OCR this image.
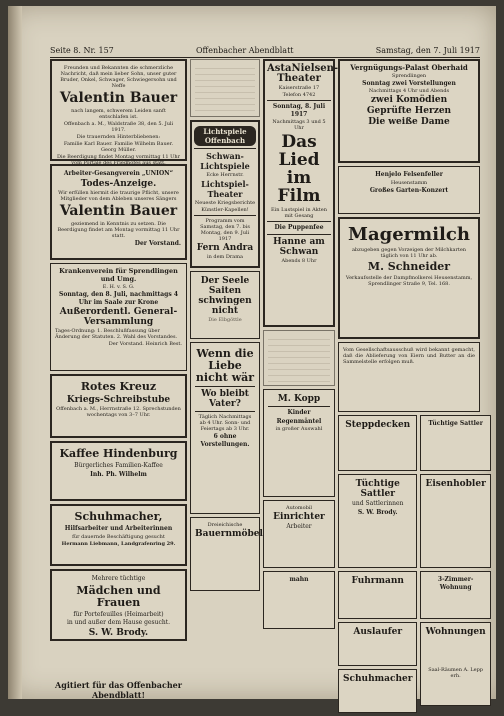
Seite 8. Nr. 157	Offenbacher Abendblatt	Samstag, den 7. Juli 1917
Freunden und Bekannten die schmerzliche Nachricht, daß mein lieber Sohn, unser guter Bruder, Onkel, Schwager, Schwiegersohn und Neffe
Valentin Bauer
nach langem, schwerem Leiden sanft entschlafen ist.
Offenbach a. M., Waldstraße 38, den 5. Juli 1917.
Die trauernden Hinterbliebenen:
Familie Karl Bauer. Familie Wilhelm Bauer. Georg Müller.
Die Beerdigung findet Montag vormittag 11 Uhr vom Portale des Friedhofes aus statt.
Arbeiter-Gesangverein „UNION“
Todes-Anzeige.
Wir erfüllen hiermit die traurige Pflicht, unsere Mitglieder von dem Ableben unseres Sängers
Valentin Bauer
geziemend in Kenntnis zu setzen. Die Beerdigung findet am Montag vormittag 11 Uhr statt.
Der Vorstand.
Krankenverein für Sprendlingen und Umg.
E. H. v. S. G.
Sonntag, den 8. Juli, nachmittags 4 Uhr im Saale zur Krone
Außerordentl. General-Versammlung
Tages-Ordnung: 1. Beschlußfassung über Änderung der Statuten. 2. Wahl des Vorstandes.
Der Vorstand. Heinrich Best.
Rotes Kreuz
Kriegs-Schreibstube
Offenbach a. M., Herrnstraße 12. Sprechstunden wochentags von 3–7 Uhr.
Kaffee Hindenburg
Bürgerliches Familien-Kaffee
Inh. Ph. Wilhelm
Schuhmacher,
Hilfsarbeiter und Arbeiterinnen
für dauernde Beschäftigung gesucht
Hermann Liebmann, Landgrafenring 29.
Mehrere tüchtige
Mädchen und Frauen
für Portefeuilles (Heimarbeit)
in und außer dem Hause gesucht.
S. W. Brody.
Agitiert für das Offenbacher Abendblatt!
Lichtspiele Offenbach
Schwan-Lichtspiele
Ecke Herrnstr.
Lichtspiel-Theater
Neueste Kriegsberichte
Künstler-Kapellen!
Programm vom Samstag, den 7. bis Montag, den 9. Juli 1917
Fern Andra
in dem Drama
Der Seele Saiten schwingen nicht
Die Elbgöttle
Wenn die Liebe nicht wär
Wo bleibt Vater?
Täglich Nachmittags ab 4 Uhr. Sonn- und Feiertags ab 3 Uhr.
6 ohne Vorstellungen.
Dreieichische
Bauernmöbel
AstaNielsen-Theater
Kaiserstraße 17
Telefon 4742
Sonntag, 8. Juli 1917
Nachmittags 3 und 5 Uhr
Das Lied im Film
Ein Lustspiel in Akten mit Gesang
Die Puppenfee
Hanne am Schwan
Abends 8 Uhr
M. Kopp
Kinder
Regenmäntel
in großer Auswahl
Automobil
Einrichter
Arbeiter
mahn
Vergnügungs-Palast Oberhaid
Sprendlingen
Sonntag zwei Vorstellungen
Nachmittags 4 Uhr und Abends
zwei Komödien
Geprüfte Herzen
Die weiße Dame
Henjelo Felsenfeller
Heusenstamm
Großes Garten-Konzert
Magermilch
abzugeben gegen Vorzeigen der Milchkarten täglich von 11 Uhr ab.
M. Schneider
Verkaufsstelle der Dampfmolkerei Heusenstamm, Sprendlinger Straße 9, Tel. 168.
Vom Gesellschaftsausschuß wird bekannt gemacht, daß die Ablieferung von Eiern und Butter an die Sammelstelle erfolgen muß.
Steppdecken
Tüchtige Sattler
und Sattlerinnen
S. W. Brody.
Fuhrmann
Auslaufer
Schuhmacher
Tüchtige Sattler
Eisenhobler
3-Zimmer-Wohnung
Wohnungen
Saal-Räumen A. Lepp erh.
